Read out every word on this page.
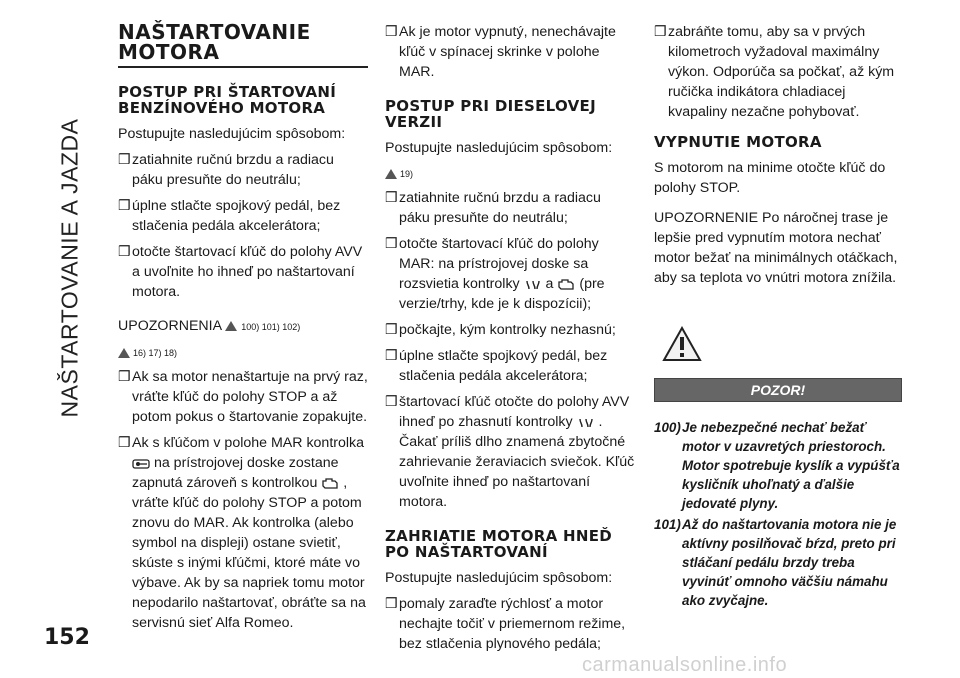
NAŠTARTOVANIE A JAZDA
NAŠTARTOVANIE MOTORA
POSTUP PRI ŠTARTOVANÍ BENZÍNOVÉHO MOTORA

Postupujte nasledujúcim spôsobom:

❒ zatiahnite ručnú brzdu a radiacu páku presuňte do neutrálu;
❒ úplne stlačte spojkový pedál, bez stlačenia pedála akcelerátora;
❒ otočte štartovací kľúč do polohy AVV a uvoľnite ho ihneď po naštartovaní motora.

UPOZORNENIA 100) 101) 102)

16) 17) 18)
❒ Ak sa motor nenaštartuje na prvý raz, vráťte kľúč do polohy STOP a až potom pokus o štartovanie zopakujte.
❒ Ak s kľúčom v polohe MAR kontrolka  na prístrojovej doske zostane zapnutá zároveň s kontrolkou , vráťte kľúč do polohy STOP a potom znovu do MAR. Ak kontrolka (alebo symbol na displeji) ostane svietiť, skúste s inými kľúčmi, ktoré máte vo výbave. Ak by sa napriek tomu motor nepodarilo naštartovať, obráťte sa na servisnú sieť Alfa Romeo.
❒ Ak je motor vypnutý, nenechávajte kľúč v spínacej skrinke v polohe MAR.
POSTUP PRI DIESELOVEJ VERZII

Postupujte nasledujúcim spôsobom:

19)
❒ zatiahnite ručnú brzdu a radiacu páku presuňte do neutrálu;
❒ otočte štartovací kľúč do polohy MAR: na prístrojovej doske sa rozsvietia kontrolky a (pre verzie/trhy, kde je k dispozícii);
❒ počkajte, kým kontrolky nezhasnú;
❒ úplne stlačte spojkový pedál, bez stlačenia pedála akcelerátora;
❒ štartovací kľúč otočte do polohy AVV ihneď po zhasnutí kontrolky . Čakať príliš dlho znamená zbytočné zahrievanie žeraviacich sviečok. Kľúč uvoľnite ihneď po naštartovaní motora.
ZAHRIATIE MOTORA HNEĎ PO NAŠTARTOVANÍ

Postupujte nasledujúcim spôsobom:

❒ pomaly zaraďte rýchlosť a motor nechajte točiť v priemernom režime, bez stlačenia plynového pedála;
❒ zabráňte tomu, aby sa v prvých kilometroch vyžadoval maximálny výkon. Odporúča sa počkať, až kým ručička indikátora chladiacej kvapaliny nezačne pohybovať.
VYPNUTIE MOTORA

S motorom na minime otočte kľúč do polohy STOP.

UPOZORNENIE Po náročnej trase je lepšie pred vypnutím motora nechať motor bežať na minimálnych otáčkach, aby sa teplota vo vnútri motora znížila.

POZOR!
100) Je nebezpečné nechať bežať motor v uzavretých priestoroch. Motor spotrebuje kyslík a vypúšťa kysličník uhoľnatý a ďalšie jedovaté plyny.
101) Až do naštartovania motora nie je aktívny posilňovač bŕzd, preto pri stláčaní pedálu brzdy treba vyvinúť omnoho väčšiu námahu ako zvyčajne.
152
carmanualsonline.info
